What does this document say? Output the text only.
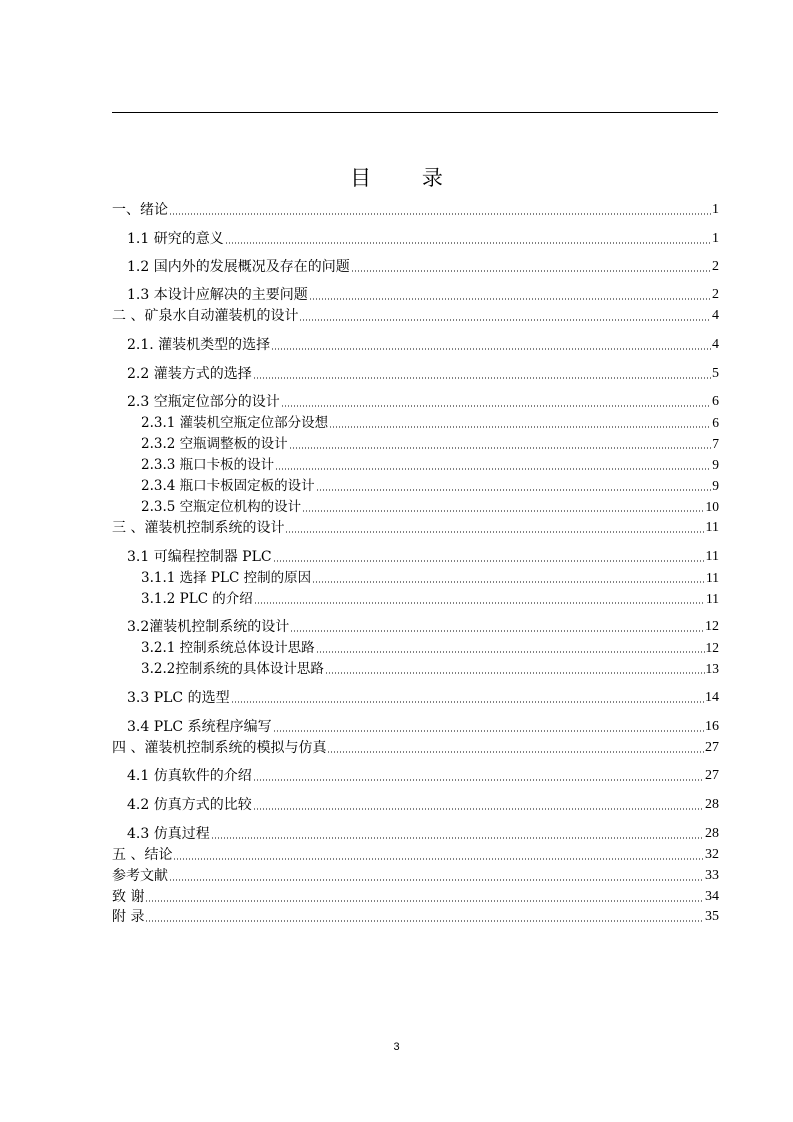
目 录
一、绪论	1
1.1 研究的意义	1
1.2 国内外的发展概况及存在的问题	2
1.3 本设计应解决的主要问题	2
二 、矿泉水自动灌装机的设计	4
2.1. 灌装机类型的选择	4
2.2 灌装方式的选择	5
2.3 空瓶定位部分的设计	6
2.3.1 灌装机空瓶定位部分设想	6
2.3.2 空瓶调整板的设计	7
2.3.3 瓶口卡板的设计	9
2.3.4 瓶口卡板固定板的设计	9
2.3.5 空瓶定位机构的设计	10
三 、灌装机控制系统的设计	11
3.1 可编程控制器 PLC	11
3.1.1 选择 PLC 控制的原因	11
3.1.2 PLC 的介绍	11
3.2灌装机控制系统的设计	12
3.2.1 控制系统总体设计思路	12
3.2.2控制系统的具体设计思路	13
3.3 PLC 的选型	14
3.4 PLC 系统程序编写	16
四 、灌装机控制系统的模拟与仿真	27
4.1 仿真软件的介绍	27
4.2 仿真方式的比较	28
4.3 仿真过程	28
五 、结论	32
参考文献	33
致 谢	34
附 录	35
3
